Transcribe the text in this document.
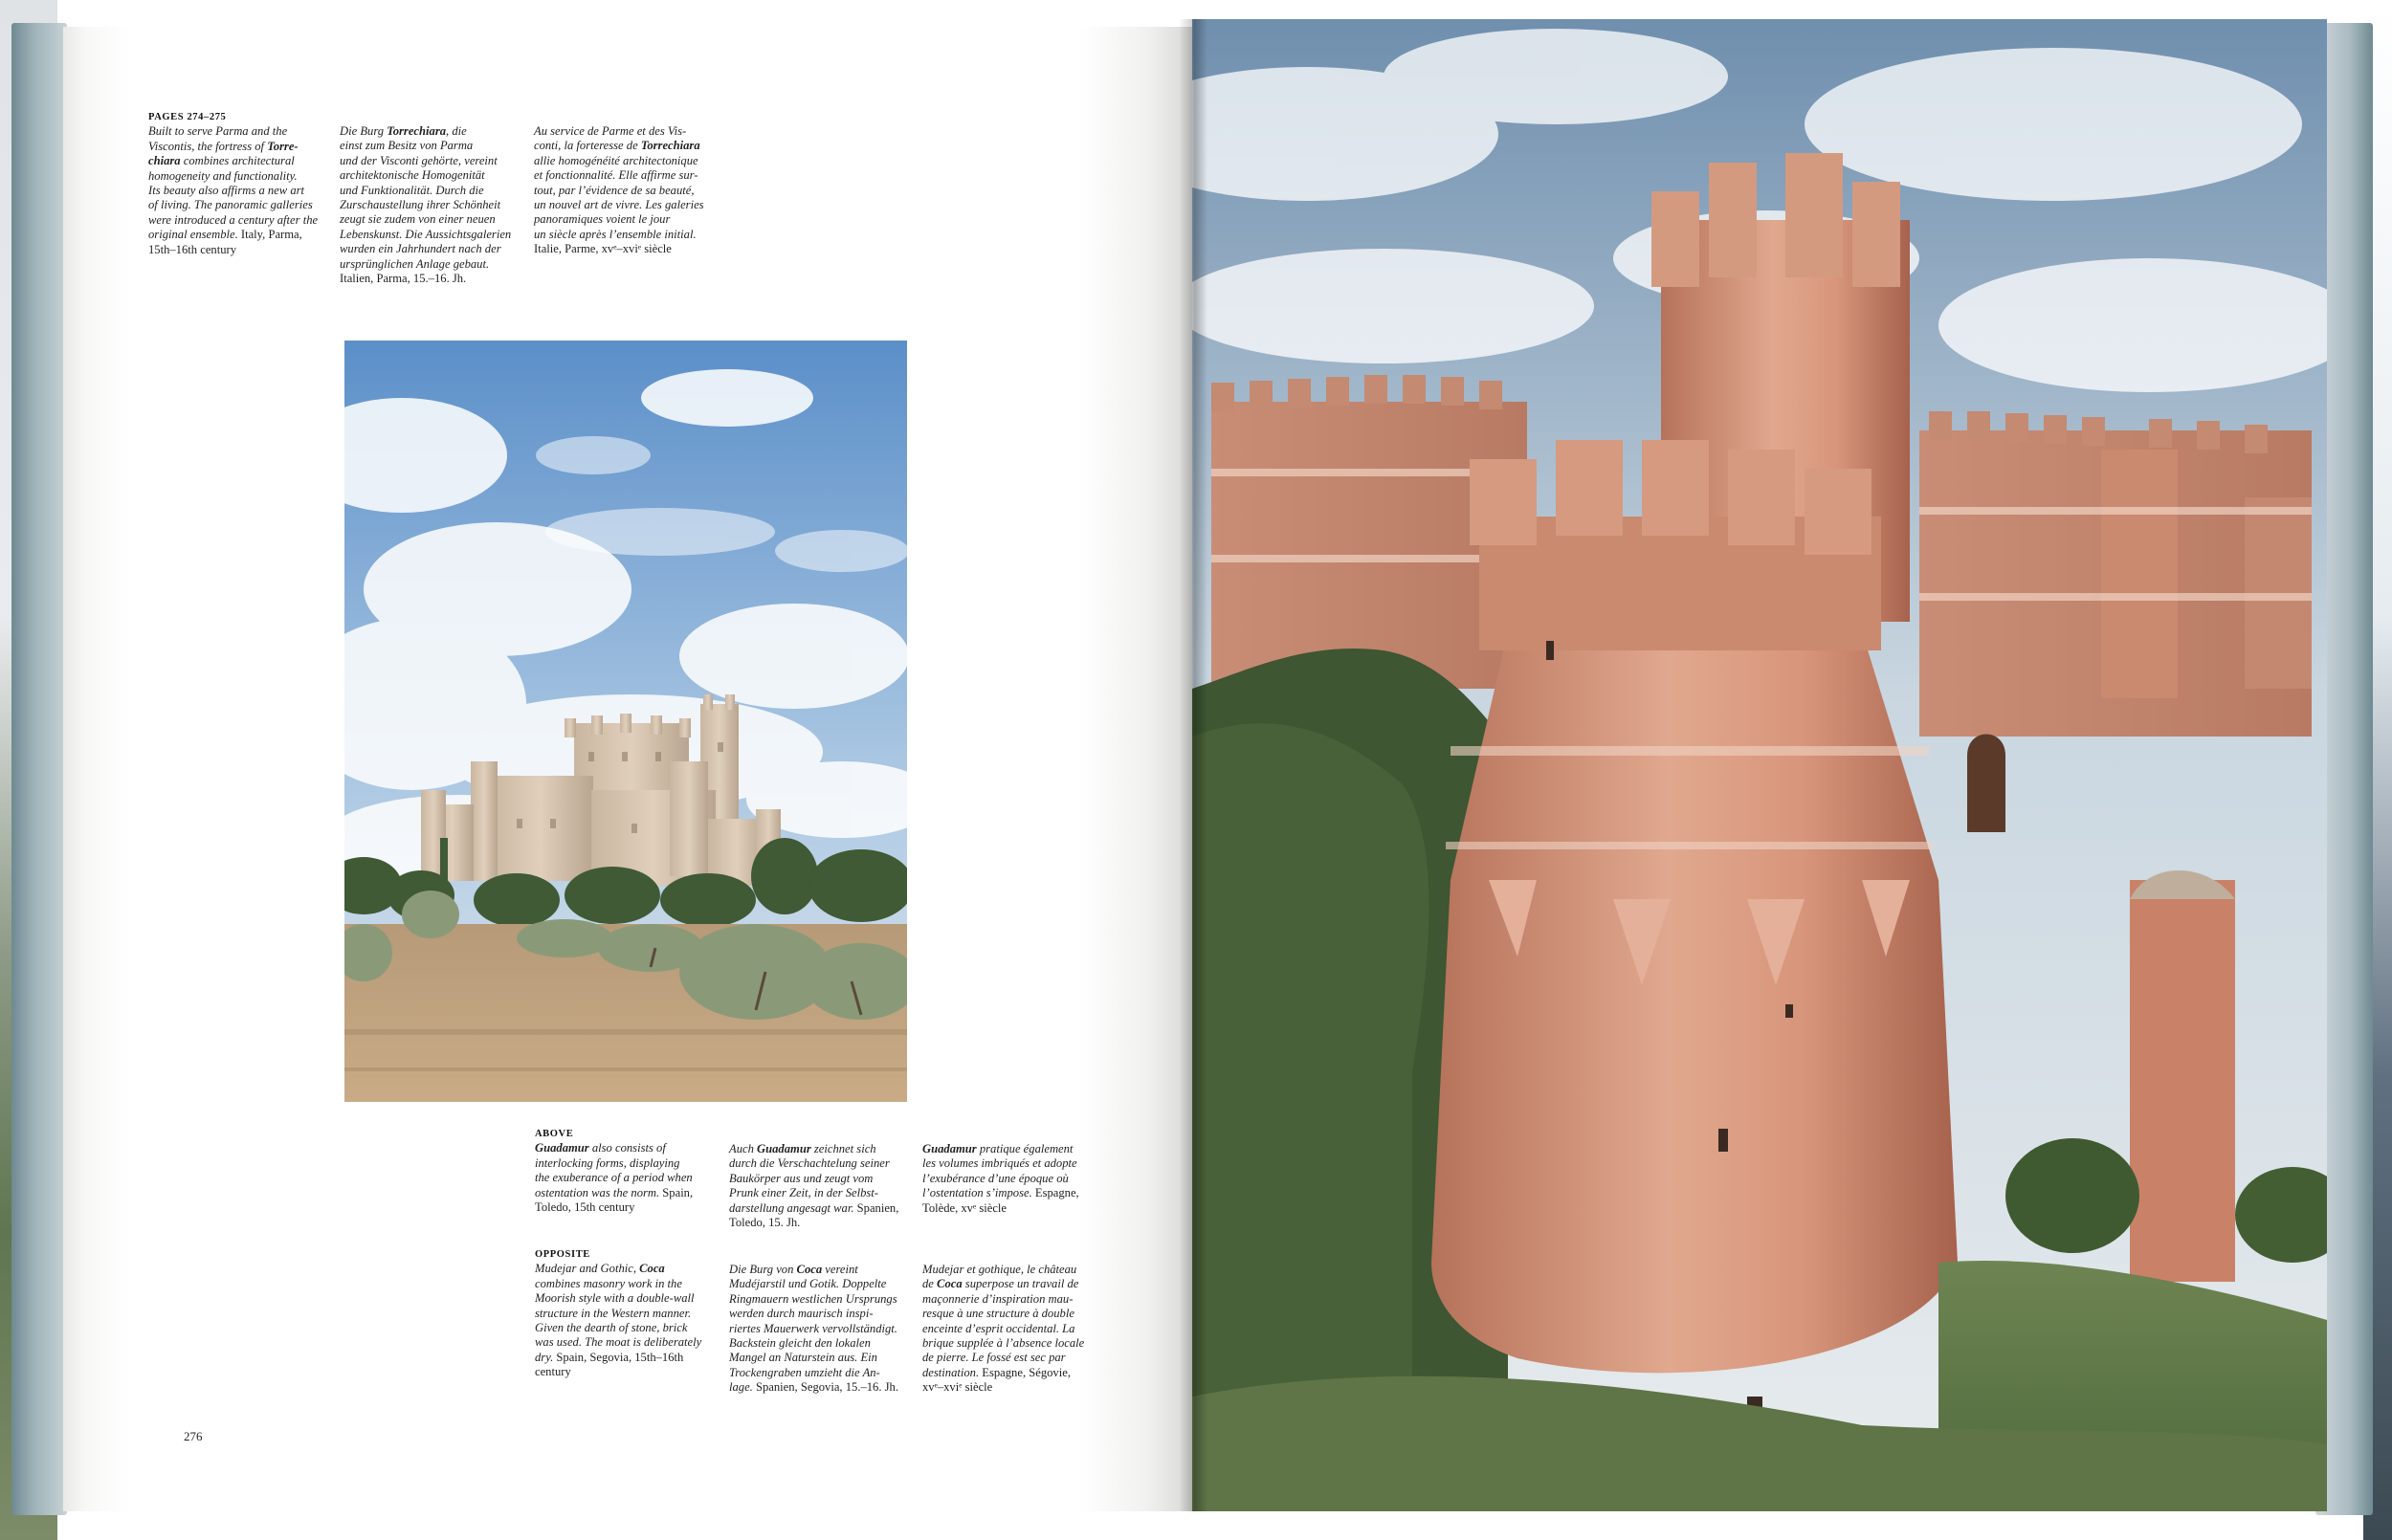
PAGES 274–275
Built to serve Parma and the
Viscontis, the fortress of Torre-
chiara combines architectural
homogeneity and functionality.
Its beauty also affirms a new art
of living. The panoramic galleries
were introduced a century after the
original ensemble. Italy, Parma,
15th–16th century
Die Burg Torrechiara, die
einst zum Besitz von Parma
und der Visconti gehörte, vereint
architektonische Homogenität
und Funktionalität. Durch die
Zurschaustellung ihrer Schönheit
zeugt sie zudem von einer neuen
Lebenskunst. Die Aussichtsgalerien
wurden ein Jahrhundert nach der
ursprünglichen Anlage gebaut.
Italien, Parma, 15.–16. Jh.
Au service de Parme et des Vis-
conti, la forteresse de Torrechiara
allie homogénéité architectonique
et fonctionnalité. Elle affirme sur-
tout, par l’évidence de sa beauté,
un nouvel art de vivre. Les galeries
panoramiques voient le jour
un siècle après l’ensemble initial.
Italie, Parme, xvᵉ–xviᵉ siècle
ABOVE
Guadamur also consists of
interlocking forms, displaying
the exuberance of a period when
ostentation was the norm. Spain,
Toledo, 15th century
Auch Guadamur zeichnet sich
durch die Verschachtelung seiner
Baukörper aus und zeugt vom
Prunk einer Zeit, in der Selbst-
darstellung angesagt war. Spanien,
Toledo, 15. Jh.
Guadamur pratique également
les volumes imbriqués et adopte
l’exubérance d’une époque où
l’ostentation s’impose. Espagne,
Tolède, xvᵉ siècle
OPPOSITE
Mudejar and Gothic, Coca
combines masonry work in the
Moorish style with a double-wall
structure in the Western manner.
Given the dearth of stone, brick
was used. The moat is deliberately
dry. Spain, Segovia, 15th–16th
century
Die Burg von Coca vereint
Mudéjarstil und Gotik. Doppelte
Ringmauern westlichen Ursprungs
werden durch maurisch inspi-
riertes Mauerwerk vervollständigt.
Backstein gleicht den lokalen
Mangel an Naturstein aus. Ein
Trockengraben umzieht die An-
lage. Spanien, Segovia, 15.–16. Jh.
Mudejar et gothique, le château
de Coca superpose un travail de
maçonnerie d’inspiration mau-
resque à une structure à double
enceinte d’esprit occidental. La
brique supplée à l’absence locale
de pierre. Le fossé est sec par
destination. Espagne, Ségovie,
xvᵉ–xviᵉ siècle
276
